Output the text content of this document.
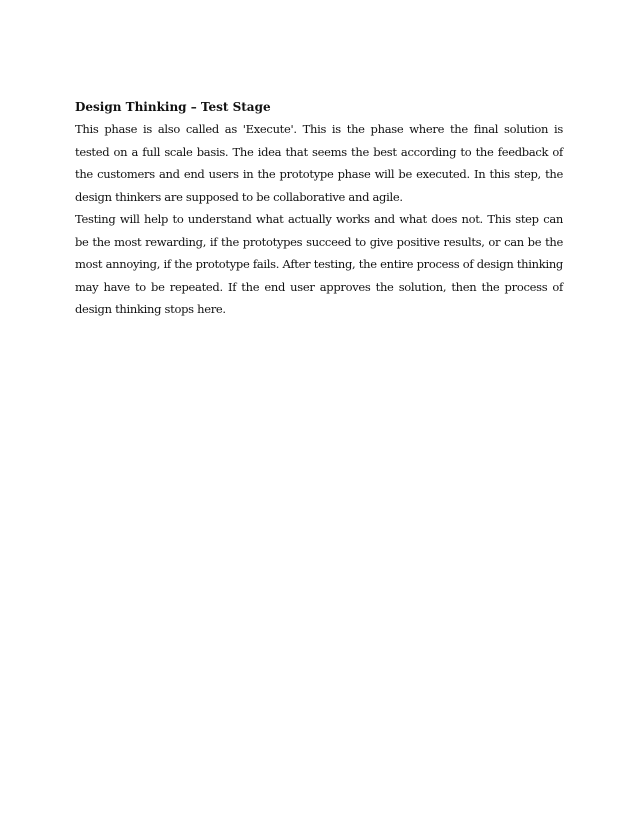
Design Thinking – Test Stage

This phase is also called as 'Execute'. This is the phase where the final solution is tested on a full scale basis. The idea that seems the best according to the feedback of the customers and end users in the prototype phase will be executed. In this step, the design thinkers are supposed to be collaborative and agile.

Testing will help to understand what actually works and what does not. This step can be the most rewarding, if the prototypes succeed to give positive results, or can be the most annoying, if the prototype fails. After testing, the entire process of design thinking may have to be repeated. If the end user approves the solution, then the process of design thinking stops here.
